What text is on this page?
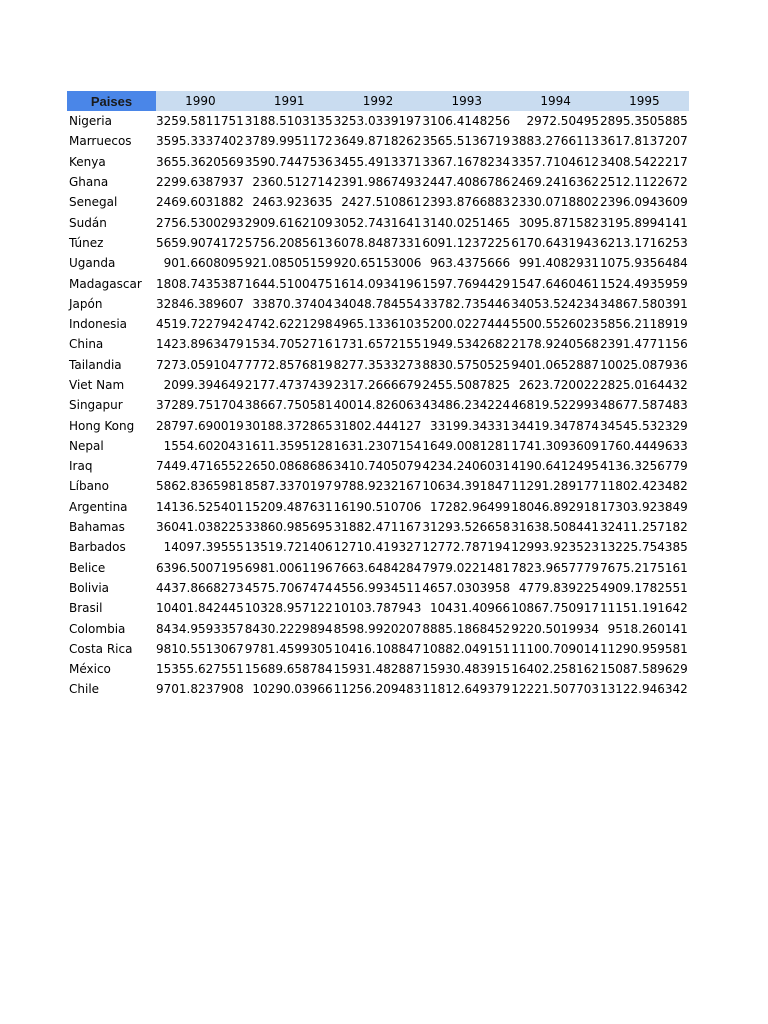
Paises	1990	1991	1992	1993	1994	1995
Nigeria	3259.5811751	3188.5103135	3253.0339197	3106.4148256	2972.50495	2895.3505885
Marruecos	3595.3337402	3789.9951172	3649.8718262	3565.5136719	3883.2766113	3617.8137207
Kenya	3655.3620569	3590.7447536	3455.4913371	3367.1678234	3357.7104612	3408.5422217
Ghana	2299.6387937	2360.512714	2391.9867493	2447.4086786	2469.2416362	2512.1122672
Senegal	2469.6031882	2463.923635	2427.510861	2393.8766883	2330.0718802	2396.0943609
Sudán	2756.5300293	2909.6162109	3052.7431641	3140.0251465	3095.871582	3195.8994141
Túnez	5659.9074172	5756.2085613	6078.8487331	6091.1237225	6170.6431943	6213.1716253
Uganda	901.6608095	921.08505159	920.65153006	963.4375666	991.4082931	1075.9356484
Madagascar	1808.7435387	1644.5100475	1614.0934196	1597.7694429	1547.6460461	1524.4935959
Japón	32846.389607	33870.37404	34048.784554	33782.735446	34053.524234	34867.580391
Indonesia	4519.7227942	4742.6221298	4965.1336103	5200.0227444	5500.5526023	5856.2118919
China	1423.8963479	1534.7052716	1731.6572155	1949.5342682	2178.9240568	2391.4771156
Tailandia	7273.0591047	7772.8576819	8277.3533273	8830.5750525	9401.0652887	10025.087936
Viet Nam	2099.394649	2177.4737439	2317.2666679	2455.5087825	2623.720022	2825.0164432
Singapur	37289.751704	38667.750581	40014.826063	43486.234224	46819.522993	48677.587483
Hong Kong	28797.690019	30188.372865	31802.444127	33199.34331	34419.347874	34545.532329
Nepal	1554.602043	1611.3595128	1631.2307154	1649.0081281	1741.3093609	1760.4449633
Iraq	7449.4716552	2650.0868686	3410.7405079	4234.2406031	4190.6412495	4136.3256779
Líbano	5862.8365981	8587.3370197	9788.9232167	10634.391847	11291.289177	11802.423482
Argentina	14136.525401	15209.487631	16190.510706	17282.96499	18046.892918	17303.923849
Bahamas	36041.038225	33860.985695	31882.471167	31293.526658	31638.508441	32411.257182
Barbados	14097.39555	13519.721406	12710.419327	12772.787194	12993.923523	13225.754385
Belice	6396.5007195	6981.0061196	7663.6484284	7979.0221481	7823.9657779	7675.2175161
Bolivia	4437.8668273	4575.7067474	4556.9934511	4657.0303958	4779.839225	4909.1782551
Brasil	10401.842445	10328.957122	10103.787943	10431.40966	10867.750917	11151.191642
Colombia	8434.9593357	8430.2229894	8598.9920207	8885.1868452	9220.5019934	9518.260141
Costa Rica	9810.5513067	9781.4599305	10416.108847	10882.049151	11100.709014	11290.959581
México	15355.627551	15689.658784	15931.482887	15930.483915	16402.258162	15087.589629
Chile	9701.8237908	10290.03966	11256.209483	11812.649379	12221.507703	13122.946342
